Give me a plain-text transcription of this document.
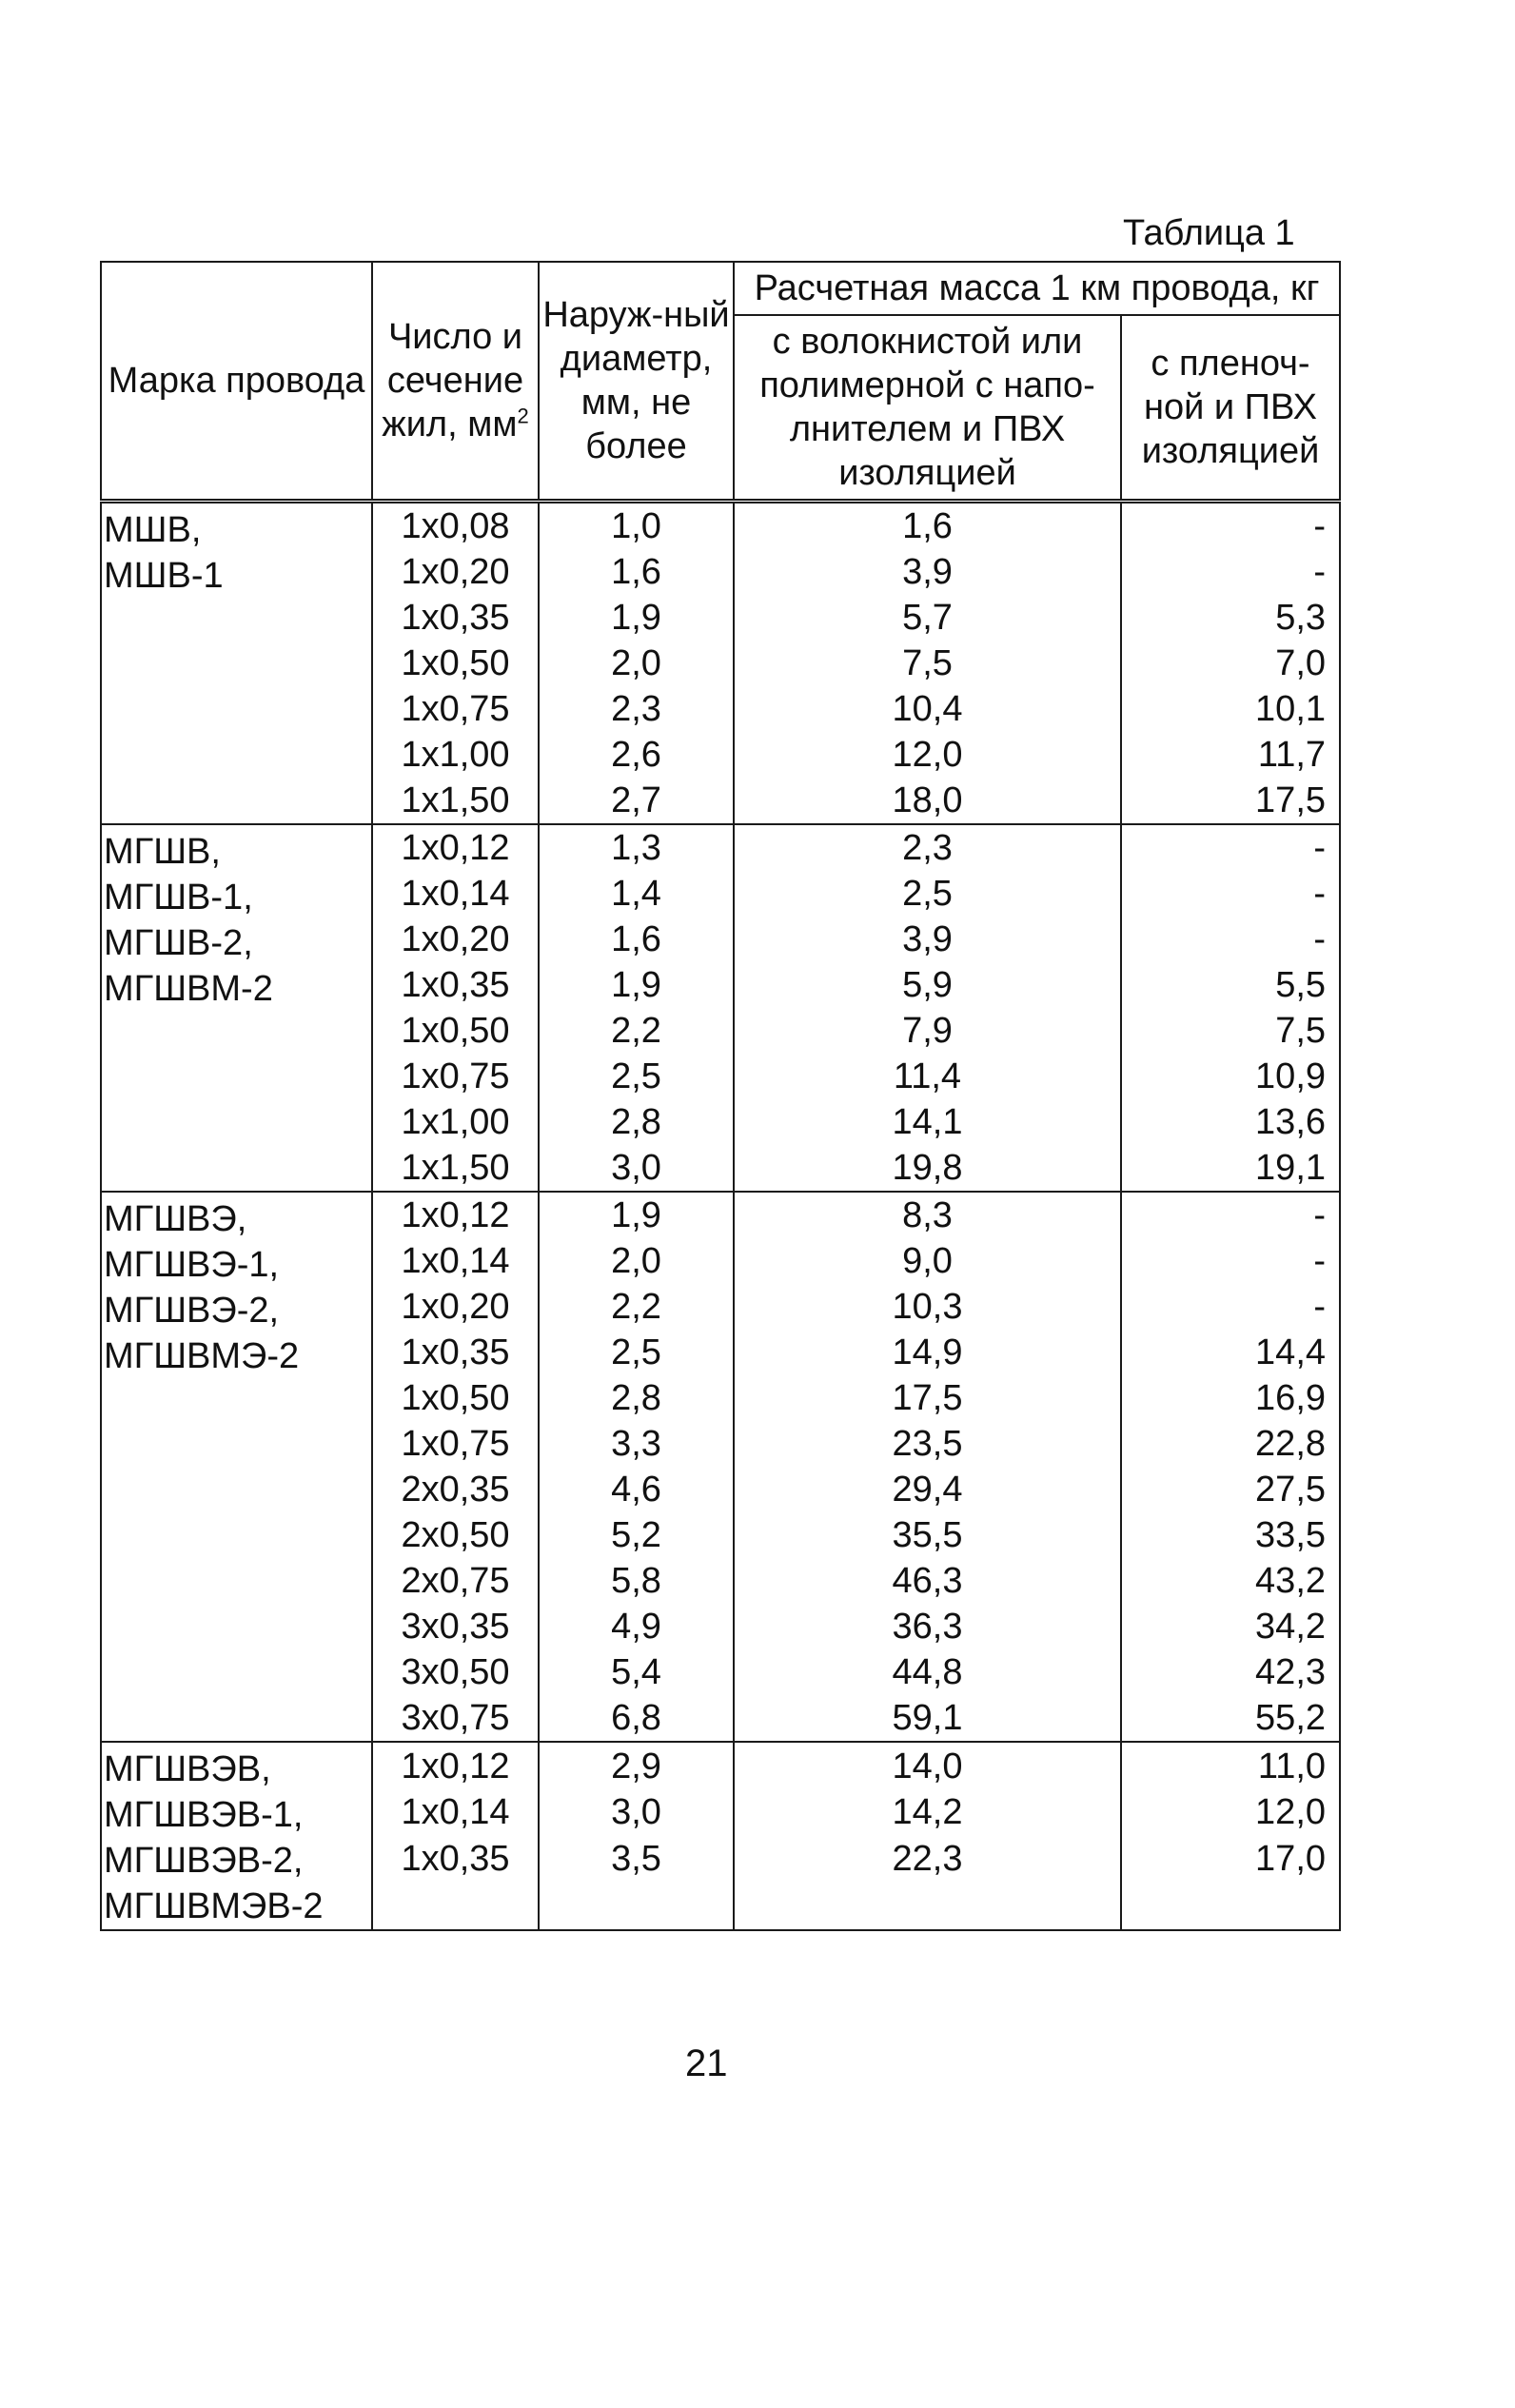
Таблица 1
Марка провода	Число и сечение жил, $мм^2$	Наруж-ный диаметр, мм, не более	Расчетная масса 1 км провода, кг	
			с волокнистой или полимерной с напо-лнителем и ПВХ изоляцией	с пленоч-ной и ПВХ изоляцией

МШВ,
МШВ-1	1х0,08	1,0	1,6	-
	1х0,20	1,6	3,9	-
	1х0,35	1,9	5,7	5,3
	1х0,50	2,0	7,5	7,0
	1х0,75	2,3	10,4	10,1
	1х1,00	2,6	12,0	11,7
	1х1,50	2,7	18,0	17,5

МГШВ,
МГШВ-1,
МГШВ-2,
МГШВМ-2	1х0,12	1,3	2,3	-
	1х0,14	1,4	2,5	-
	1х0,20	1,6	3,9	-
	1х0,35	1,9	5,9	5,5
	1х0,50	2,2	7,9	7,5
	1х0,75	2,5	11,4	10,9
	1х1,00	2,8	14,1	13,6
	1х1,50	3,0	19,8	19,1

МГШВЭ,
МГШВЭ-1,
МГШВЭ-2,
МГШВМЭ-2	1х0,12	1,9	8,3	-
	1х0,14	2,0	9,0	-
	1х0,20	2,2	10,3	-
	1х0,35	2,5	14,9	14,4
	1х0,50	2,8	17,5	16,9
	1х0,75	3,3	23,5	22,8
	2х0,35	4,6	29,4	27,5
	2х0,50	5,2	35,5	33,5
	2х0,75	5,8	46,3	43,2
	3х0,35	4,9	36,3	34,2
	3х0,50	5,4	44,8	42,3
	3х0,75	6,8	59,1	55,2

МГШВЭВ,
МГШВЭВ-1,
МГШВЭВ-2,
МГШВМЭВ-2	1х0,12	2,9	14,0	11,0
	1х0,14	3,0	14,2	12,0
	1х0,35	3,5	22,3	17,0

21
